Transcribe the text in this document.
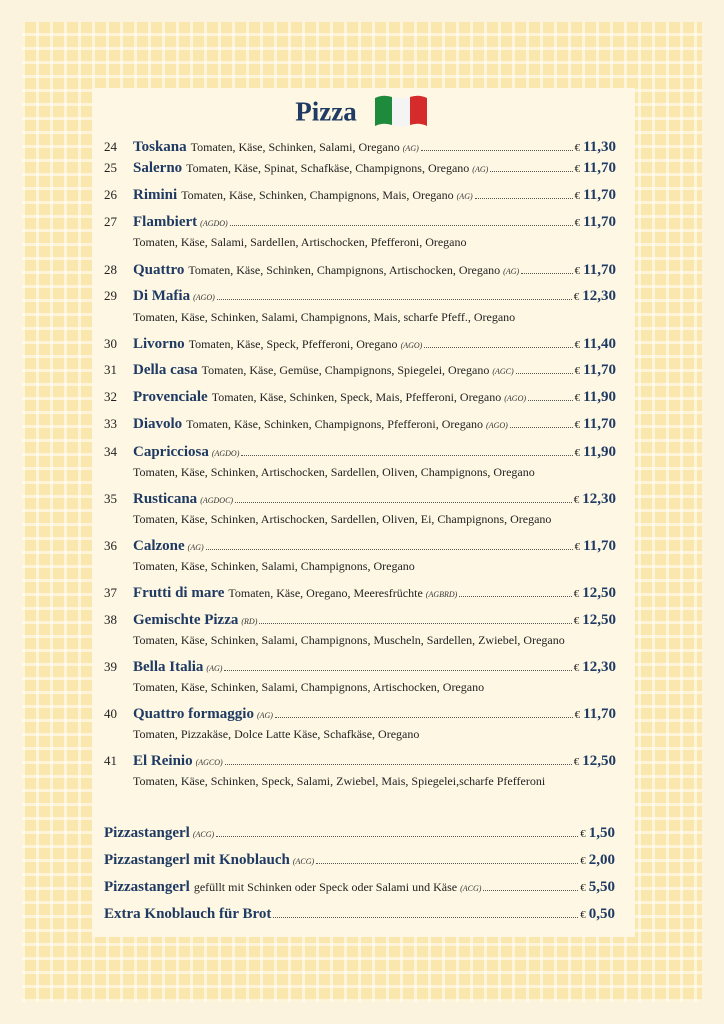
Pizza
24	Toskana Tomaten, Käse, Schinken, Salami, Oregano (AG)	€ 11,30
25	Salerno Tomaten, Käse, Spinat, Schafkäse, Champignons, Oregano (AG)	€ 11,70
26	Rimini Tomaten, Käse, Schinken, Champignons, Mais, Oregano (AG)	€ 11,70
27	Flambiert (AGDO)	€ 11,70
Tomaten, Käse, Salami, Sardellen, Artischocken, Pfefferoni, Oregano
28	Quattro Tomaten, Käse, Schinken, Champignons, Artischocken, Oregano (AG)	€ 11,70
29	Di Mafia (AGO)	€ 12,30
Tomaten, Käse, Schinken, Salami, Champignons, Mais, scharfe Pfeff., Oregano
30	Livorno Tomaten, Käse, Speck, Pfefferoni, Oregano (AGO)	€ 11,40
31	Della casa Tomaten, Käse, Gemüse, Champignons, Spiegelei, Oregano (AGC)	€ 11,70
32	Provenciale Tomaten, Käse, Schinken, Speck, Mais, Pfefferoni, Oregano (AGO)	€ 11,90
33	Diavolo Tomaten, Käse, Schinken, Champignons, Pfefferoni, Oregano (AGO)	€ 11,70
34	Capricciosa (AGDO)	€ 11,90
Tomaten, Käse, Schinken, Artischocken, Sardellen, Oliven, Champignons, Oregano
35	Rusticana (AGDOC)	€ 12,30
Tomaten, Käse, Schinken, Artischocken, Sardellen, Oliven, Ei, Champignons, Oregano
36	Calzone (AG)	€ 11,70
Tomaten, Käse, Schinken, Salami, Champignons, Oregano
37	Frutti di mare Tomaten, Käse, Oregano, Meeresfrüchte (AGBRD)	€ 12,50
38	Gemischte Pizza (RD)	€ 12,50
Tomaten, Käse, Schinken, Salami, Champignons, Muscheln, Sardellen, Zwiebel, Oregano
39	Bella Italia (AG)	€ 12,30
Tomaten, Käse, Schinken, Salami, Champignons, Artischocken, Oregano
40	Quattro formaggio (AG)	€ 11,70
Tomaten, Pizzakäse, Dolce Latte Käse, Schafkäse, Oregano
41	El Reinio (AGCO)	€ 12,50
Tomaten, Käse, Schinken, Speck, Salami, Zwiebel, Mais, Spiegelei,scharfe Pfefferoni
Pizzastangerl (ACG)	€ 1,50
Pizzastangerl mit Knoblauch (ACG)	€ 2,00
Pizzastangerl gefüllt mit Schinken oder Speck oder Salami und Käse (ACG)	€ 5,50
Extra Knoblauch für Brot	€ 0,50
